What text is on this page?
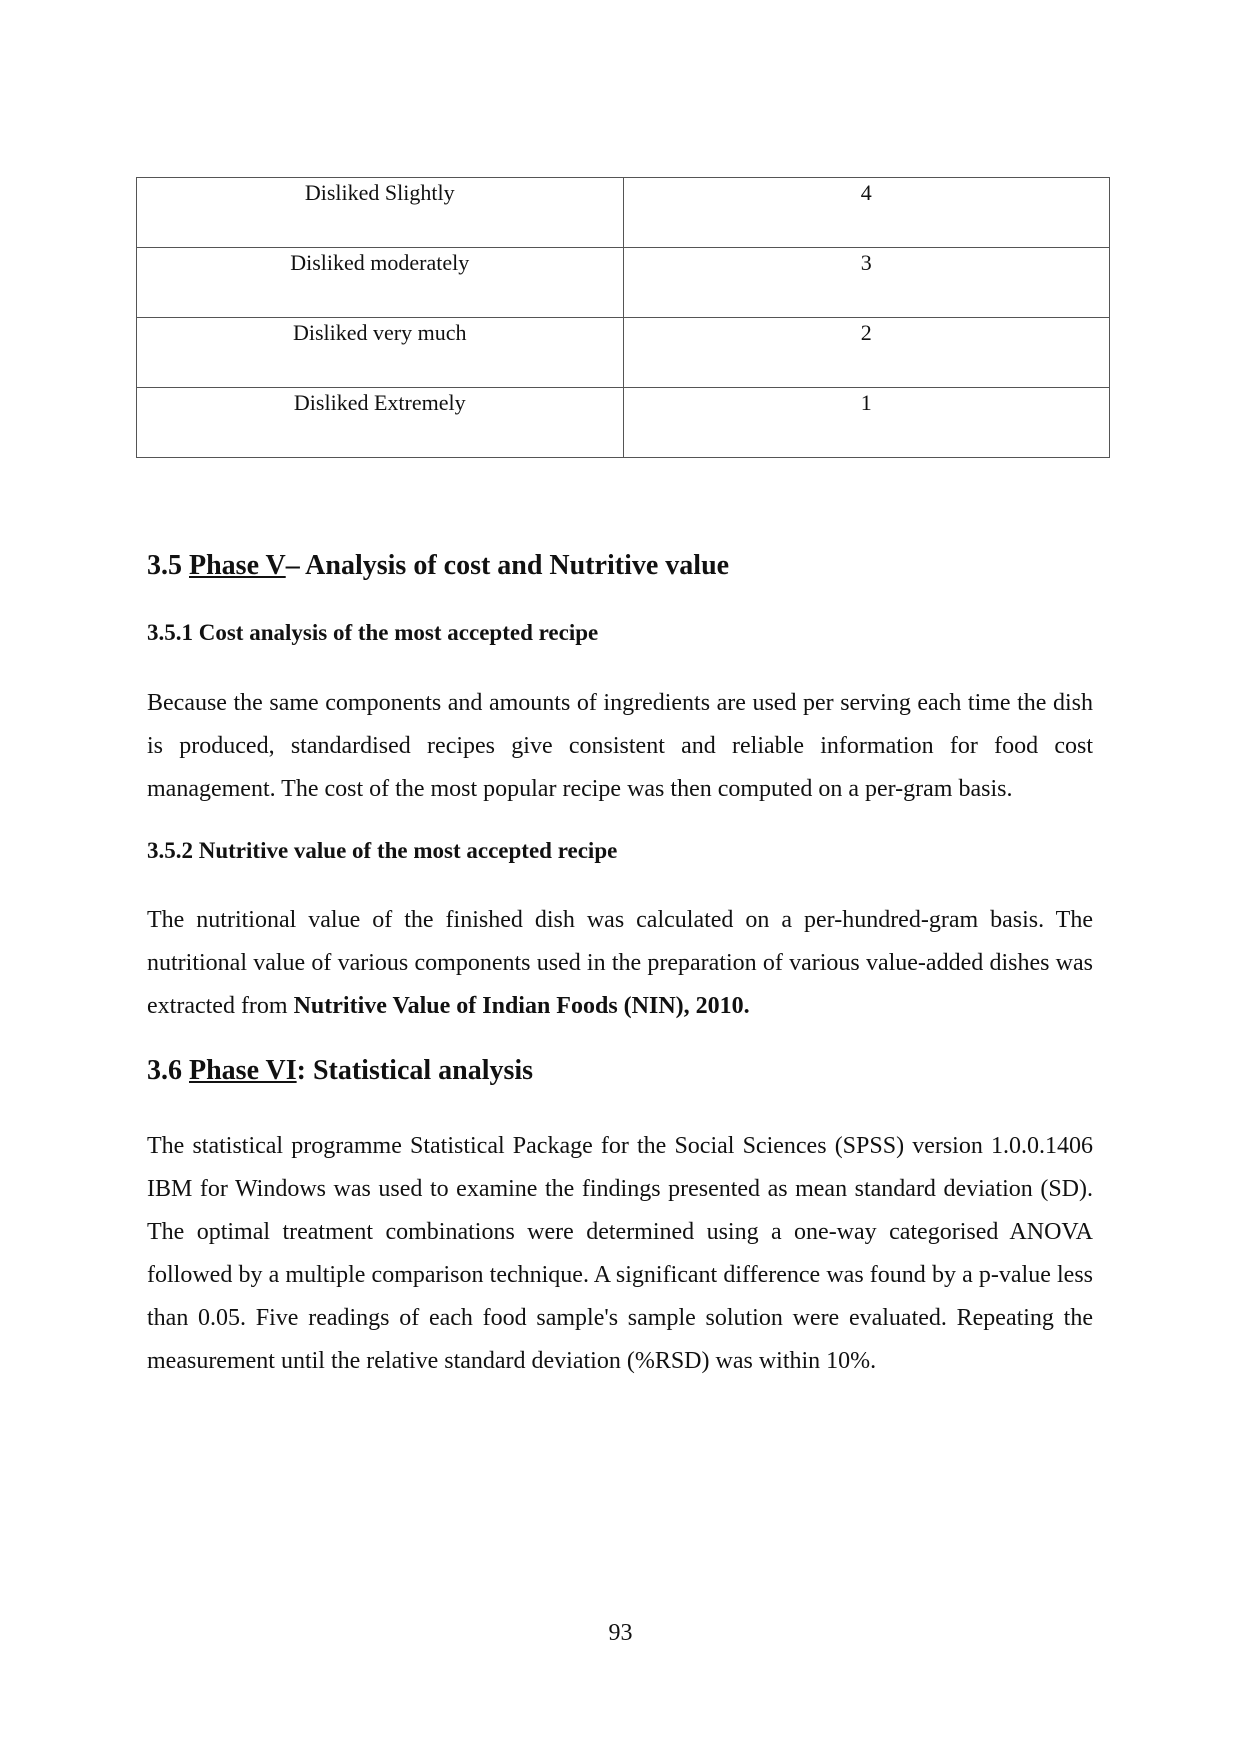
Disliked Slightly	4
Disliked moderately	3
Disliked very much	2
Disliked Extremely	1
3.5 Phase V– Analysis of cost and Nutritive value
3.5.1 Cost analysis of the most accepted recipe

Because the same components and amounts of ingredients are used per serving each time the dish is produced, standardised recipes give consistent and reliable information for food cost management. The cost of the most popular recipe was then computed on a per-gram basis.

3.5.2 Nutritive value of the most accepted recipe

The nutritional value of the finished dish was calculated on a per-hundred-gram basis. The nutritional value of various components used in the preparation of various value-added dishes was extracted from Nutritive Value of Indian Foods (NIN), 2010.

3.6 Phase VI: Statistical analysis

The statistical programme Statistical Package for the Social Sciences (SPSS) version 1.0.0.1406 IBM for Windows was used to examine the findings presented as mean standard deviation (SD). The optimal treatment combinations were determined using a one-way categorised ANOVA followed by a multiple comparison technique. A significant difference was found by a p-value less than 0.05. Five readings of each food sample's sample solution were evaluated. Repeating the measurement until the relative standard deviation (%RSD) was within 10%.

93
